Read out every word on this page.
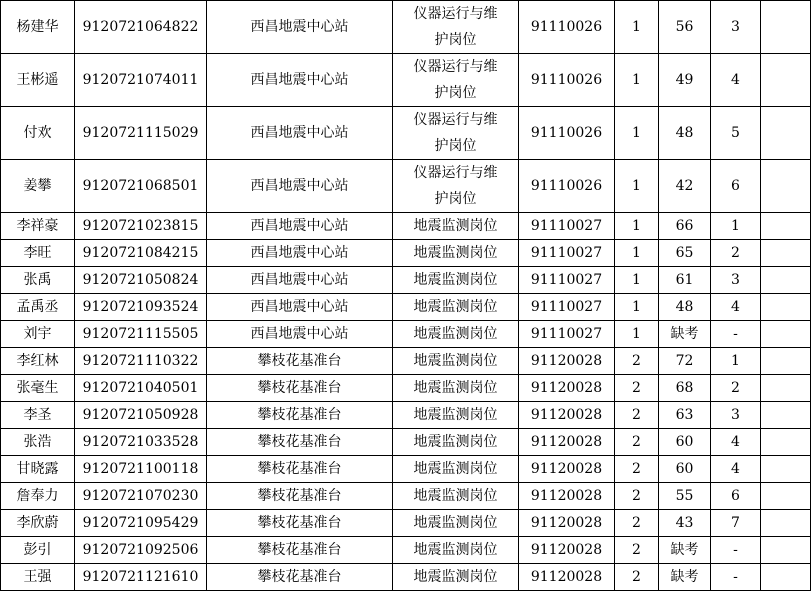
杨建华	9120721064822	西昌地震中心站	仪器运行与维
护岗位	91110026	1	56	3	
王彬遥	9120721074011	西昌地震中心站	仪器运行与维
护岗位	91110026	1	49	4	
付欢	9120721115029	西昌地震中心站	仪器运行与维
护岗位	91110026	1	48	5	
姜攀	9120721068501	西昌地震中心站	仪器运行与维
护岗位	91110026	1	42	6	
李祥豪	9120721023815	西昌地震中心站	地震监测岗位	91110027	1	66	1	
李旺	9120721084215	西昌地震中心站	地震监测岗位	91110027	1	65	2	
张禹	9120721050824	西昌地震中心站	地震监测岗位	91110027	1	61	3	
孟禹丞	9120721093524	西昌地震中心站	地震监测岗位	91110027	1	48	4	
刘宇	9120721115505	西昌地震中心站	地震监测岗位	91110027	1	缺考	-	
李红林	9120721110322	攀枝花基准台	地震监测岗位	91120028	2	72	1	
张毫生	9120721040501	攀枝花基准台	地震监测岗位	91120028	2	68	2	
李圣	9120721050928	攀枝花基准台	地震监测岗位	91120028	2	63	3	
张浩	9120721033528	攀枝花基准台	地震监测岗位	91120028	2	60	4	
甘晓露	9120721100118	攀枝花基准台	地震监测岗位	91120028	2	60	4	
詹奉力	9120721070230	攀枝花基准台	地震监测岗位	91120028	2	55	6	
李欣蔚	9120721095429	攀枝花基准台	地震监测岗位	91120028	2	43	7	
彭引	9120721092506	攀枝花基准台	地震监测岗位	91120028	2	缺考	-	
王强	9120721121610	攀枝花基准台	地震监测岗位	91120028	2	缺考	-	
